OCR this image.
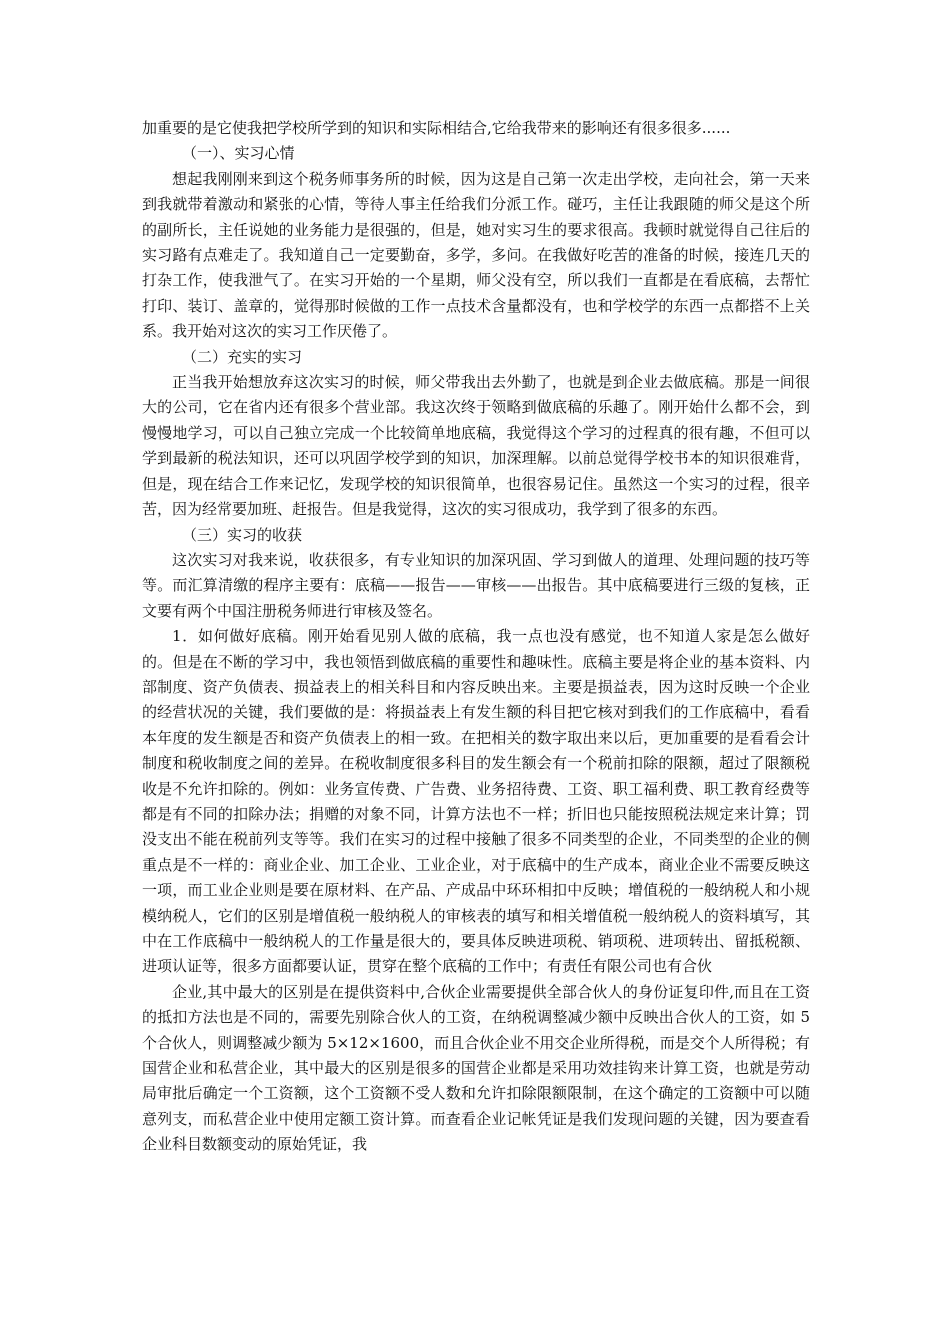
加重要的是它使我把学校所学到的知识和实际相结合,它给我带来的影响还有很多很多......

（一）、实习心情

想起我刚刚来到这个税务师事务所的时候，因为这是自己第一次走出学校，走向社会，第一天来到我就带着激动和紧张的心情，等待人事主任给我们分派工作。碰巧，主任让我跟随的师父是这个所的副所长，主任说她的业务能力是很强的，但是，她对实习生的要求很高。我顿时就觉得自己往后的实习路有点难走了。我知道自己一定要勤奋，多学，多问。在我做好吃苦的准备的时候，接连几天的打杂工作，使我泄气了。在实习开始的一个星期，师父没有空，所以我们一直都是在看底稿，去帮忙打印、装订、盖章的，觉得那时候做的工作一点技术含量都没有，也和学校学的东西一点都搭不上关系。我开始对这次的实习工作厌倦了。

（二）充实的实习

正当我开始想放弃这次实习的时候，师父带我出去外勤了，也就是到企业去做底稿。那是一间很大的公司，它在省内还有很多个营业部。我这次终于领略到做底稿的乐趣了。刚开始什么都不会，到慢慢地学习，可以自己独立完成一个比较简单地底稿，我觉得这个学习的过程真的很有趣，不但可以学到最新的税法知识，还可以巩固学校学到的知识，加深理解。以前总觉得学校书本的知识很难背，但是，现在结合工作来记忆，发现学校的知识很简单，也很容易记住。虽然这一个实习的过程，很辛苦，因为经常要加班、赶报告。但是我觉得，这次的实习很成功，我学到了很多的东西。

（三）实习的收获

这次实习对我来说，收获很多，有专业知识的加深巩固、学习到做人的道理、处理问题的技巧等等。而汇算清缴的程序主要有：底稿——报告——审核——出报告。其中底稿要进行三级的复核，正文要有两个中国注册税务师进行审核及签名。

1．如何做好底稿。刚开始看见别人做的底稿，我一点也没有感觉，也不知道人家是怎么做好的。但是在不断的学习中，我也领悟到做底稿的重要性和趣味性。底稿主要是将企业的基本资料、内部制度、资产负债表、损益表上的相关科目和内容反映出来。主要是损益表，因为这时反映一个企业的经营状况的关键，我们要做的是：将损益表上有发生额的科目把它核对到我们的工作底稿中，看看本年度的发生额是否和资产负债表上的相一致。在把相关的数字取出来以后，更加重要的是看看会计制度和税收制度之间的差异。在税收制度很多科目的发生额会有一个税前扣除的限额，超过了限额税收是不允许扣除的。例如：业务宣传费、广告费、业务招待费、工资、职工福利费、职工教育经费等都是有不同的扣除办法；捐赠的对象不同，计算方法也不一样；折旧也只能按照税法规定来计算；罚没支出不能在税前列支等等。我们在实习的过程中接触了很多不同类型的企业，不同类型的企业的侧重点是不一样的：商业企业、加工企业、工业企业，对于底稿中的生产成本，商业企业不需要反映这一项，而工业企业则是要在原材料、在产品、产成品中环环相扣中反映；增值税的一般纳税人和小规模纳税人，它们的区别是增值税一般纳税人的审核表的填写和相关增值税一般纳税人的资料填写，其中在工作底稿中一般纳税人的工作量是很大的，要具体反映进项税、销项税、进项转出、留抵税额、进项认证等，很多方面都要认证，贯穿在整个底稿的工作中；有责任有限公司也有合伙

企业,其中最大的区别是在提供资料中,合伙企业需要提供全部合伙人的身份证复印件,而且在工资的抵扣方法也是不同的，需要先别除合伙人的工资，在纳税调整减少额中反映出合伙人的工资，如 5 个合伙人，则调整减少额为 5×12×1600，而且合伙企业不用交企业所得税，而是交个人所得税；有国营企业和私营企业，其中最大的区别是很多的国营企业都是采用功效挂钩来计算工资，也就是劳动局审批后确定一个工资额，这个工资额不受人数和允许扣除限额限制，在这个确定的工资额中可以随意列支，而私营企业中使用定额工资计算。而查看企业记帐凭证是我们发现问题的关键，因为要查看企业科目数额变动的原始凭证，我
